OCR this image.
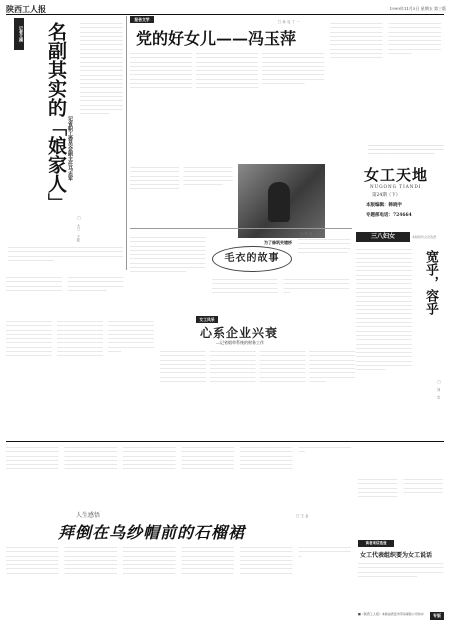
陕西工人报	1999年11月5日 星期五 第三版
记者文摘	名副其实的「娘家人」 记省职工委员会副主任马志军
□ 大兰 王松
＿＿＿＿＿＿＿＿＿＿＿＿＿＿＿＿＿＿＿＿＿＿＿＿＿＿＿＿＿＿＿＿＿＿＿＿＿＿＿＿＿＿＿＿＿＿＿＿＿＿＿＿＿＿＿＿＿＿＿＿＿＿＿＿＿＿＿＿＿＿＿＿＿＿＿＿＿＿＿＿＿＿＿＿＿＿＿＿＿＿＿＿＿＿＿＿＿＿＿＿＿＿＿＿＿＿＿＿＿＿＿＿＿＿＿＿＿＿＿＿＿＿＿＿＿＿＿＿＿＿＿＿＿＿＿＿＿＿＿＿＿＿＿＿＿＿＿＿＿＿＿＿＿＿＿＿＿＿＿＿＿＿＿＿＿＿＿＿＿＿＿＿＿＿＿＿＿＿＿＿＿＿＿＿＿＿＿＿＿＿＿＿＿＿＿＿＿＿＿＿＿＿＿＿＿＿＿＿＿＿＿＿＿＿＿＿＿＿＿＿＿＿＿＿＿＿＿＿＿＿＿＿＿＿＿＿＿＿＿＿＿＿＿＿＿＿＿＿＿＿＿＿＿＿＿＿＿＿＿＿＿＿＿＿＿＿＿＿＿＿＿＿＿＿＿＿＿＿＿＿＿＿
＿＿＿＿＿＿＿＿＿＿＿＿＿＿＿＿＿＿＿＿＿＿＿＿＿＿＿＿＿＿＿＿＿＿＿＿＿＿＿＿＿＿＿＿＿＿＿＿＿＿＿＿＿＿＿＿＿＿＿＿＿＿＿＿＿＿＿＿＿＿＿＿＿＿＿＿＿＿＿＿＿＿＿＿＿＿＿＿＿＿＿＿＿＿＿＿＿＿＿＿＿＿＿＿＿＿＿＿＿＿＿＿＿＿＿＿＿＿＿
报告文学
党的好女儿——冯玉萍
□ 孙 克 丁 一
＿＿＿＿＿＿＿＿＿＿＿＿＿＿＿＿＿＿＿＿＿＿＿＿＿＿＿＿＿＿＿＿＿＿＿＿＿＿＿＿＿＿＿＿＿＿＿＿＿＿＿＿＿＿＿＿＿＿＿＿＿＿＿＿＿＿＿＿＿＿＿＿＿＿＿＿＿＿＿＿＿＿＿＿＿＿＿＿＿＿＿＿＿＿＿＿＿＿＿＿＿＿＿＿＿＿＿＿＿＿＿＿＿＿＿＿＿＿＿＿＿＿＿＿＿＿＿＿＿＿＿＿＿＿＿＿＿＿＿＿＿＿＿＿＿＿＿＿＿＿＿＿＿＿＿＿＿＿＿＿＿＿＿＿＿＿＿＿＿＿＿＿＿＿＿＿＿＿＿＿＿＿＿＿＿＿＿＿＿＿＿＿＿＿＿＿＿＿＿＿＿＿＿＿＿＿＿＿＿＿＿＿＿＿＿＿＿＿＿＿＿＿＿＿＿＿＿＿＿＿＿＿＿＿＿＿＿＿＿＿＿＿＿＿＿＿＿＿＿＿＿＿＿＿＿＿＿＿＿＿＿＿＿＿＿＿＿＿＿＿＿＿＿＿＿＿＿＿＿＿＿＿＿＿＿＿＿＿＿＿＿＿＿＿＿＿＿＿＿＿＿＿＿＿＿＿＿＿＿＿＿＿＿＿＿＿＿＿＿＿＿＿＿＿＿＿＿＿＿＿＿＿＿＿＿＿＿＿＿＿＿＿＿＿＿＿＿＿＿＿＿＿＿＿＿＿＿＿＿＿＿＿＿＿＿＿＿＿＿＿＿＿＿＿＿＿＿＿＿＿＿＿＿＿＿＿＿＿＿＿＿＿＿＿＿＿＿＿＿＿＿＿＿＿＿＿＿＿＿＿＿＿＿＿＿＿＿＿＿＿＿＿＿＿＿＿＿＿＿＿＿＿＿＿＿＿＿＿＿＿＿＿＿＿＿＿＿＿＿＿＿＿＿＿＿＿＿＿＿＿＿＿＿＿＿＿＿＿＿＿＿＿＿＿＿＿＿＿＿＿＿＿＿＿＿＿＿＿
＿＿＿＿＿＿＿＿＿＿＿＿＿＿＿＿＿＿＿＿＿＿＿＿＿＿＿＿＿＿＿＿＿＿＿＿＿＿＿＿＿＿＿＿＿＿＿＿＿＿＿＿＿＿＿＿＿＿＿＿＿＿＿＿＿＿＿＿＿＿＿＿＿＿＿＿＿＿＿＿＿＿＿＿＿＿＿＿＿＿＿＿＿＿＿＿＿＿＿＿＿＿＿＿＿＿＿＿＿＿＿＿＿＿＿＿＿＿＿＿＿＿＿＿＿＿＿＿＿＿＿＿＿＿＿＿＿＿＿＿＿＿＿＿＿＿＿＿＿＿＿＿＿＿＿＿＿＿＿＿＿＿
为了修筑夹塘桥
＿＿＿＿＿＿＿＿＿＿＿＿＿＿＿＿＿＿＿＿＿＿＿＿＿＿＿＿＿＿＿＿＿＿＿＿＿＿＿＿＿＿＿＿＿＿＿＿＿＿＿＿＿＿＿＿＿＿＿＿＿＿＿＿＿＿＿＿＿＿＿＿＿＿＿＿＿＿＿＿＿＿＿＿＿＿＿＿＿＿＿＿＿＿＿＿＿＿＿＿＿＿＿＿＿＿＿＿＿＿＿＿＿＿＿＿＿＿＿＿＿＿＿＿＿＿＿＿＿＿＿＿＿＿＿＿＿＿＿＿＿＿＿＿＿＿＿＿＿＿＿＿＿＿＿＿＿＿＿＿＿＿＿＿＿＿＿＿＿＿＿＿＿＿＿＿＿＿＿＿＿＿＿＿＿＿＿＿＿＿＿＿＿＿＿＿＿＿＿＿＿＿＿＿＿＿＿＿＿＿＿＿＿＿＿＿＿＿＿＿＿＿＿＿＿＿＿＿＿＿＿＿＿＿＿＿＿＿＿＿＿＿＿＿＿＿＿＿＿＿＿＿＿＿＿＿＿＿＿＿＿＿＿
＿＿＿＿＿＿＿＿＿＿＿＿＿＿＿＿＿＿＿＿＿＿＿＿＿＿＿＿＿＿＿＿＿＿＿＿＿＿＿＿＿＿＿＿＿＿＿＿＿＿＿＿＿＿＿＿＿＿＿＿＿＿＿＿＿＿
女工天地
NUGONG TIANDI
第24期（下）
本版编辑：韩晓宇
专题部电话：724664
＿＿＿＿＿＿＿＿＿＿＿＿＿＿＿＿＿＿＿＿＿＿＿＿＿＿＿＿＿＿＿＿＿＿＿＿＿＿＿＿＿＿＿＿＿＿＿＿＿＿＿＿＿＿＿＿＿＿＿＿＿＿＿＿＿＿＿＿＿＿＿＿＿＿＿＿＿＿＿＿＿＿＿＿＿＿＿＿＿＿＿＿＿＿＿＿＿＿＿＿＿＿＿＿＿＿＿＿＿＿＿＿＿＿＿＿＿＿＿＿＿＿＿＿＿＿＿＿＿＿＿＿＿＿＿＿＿＿＿＿＿＿＿＿＿＿＿＿＿＿＿＿＿＿＿＿＿＿＿＿＿＿＿＿＿＿＿＿＿＿＿＿＿＿＿＿＿＿＿＿＿＿＿＿＿＿＿＿＿＿＿＿＿＿＿＿＿＿＿＿＿
毛衣的故事
□ 若 茗
＿＿＿＿＿＿＿＿＿＿＿＿＿＿＿＿＿＿＿＿＿＿＿＿＿＿＿＿＿＿＿＿＿＿＿＿＿＿＿＿＿＿＿＿＿＿＿＿＿＿＿＿＿＿＿＿＿＿＿＿＿＿＿＿＿＿＿＿＿＿＿＿＿＿＿＿＿＿＿＿＿＿＿＿＿＿＿＿＿＿＿＿＿＿＿＿＿＿＿＿＿＿＿＿＿＿＿＿＿＿＿＿＿＿＿＿＿＿＿＿＿＿＿＿＿＿＿＿＿＿＿＿＿＿＿＿＿＿＿＿＿＿
＿＿＿＿＿＿＿＿＿＿＿＿＿＿＿＿＿＿＿＿＿＿＿＿＿＿＿＿＿＿＿＿＿＿＿＿＿＿＿＿＿＿＿＿＿＿＿＿＿＿＿＿＿＿＿＿＿＿＿＿＿＿＿
三八妇女	本版特约文章选登
＿＿＿＿＿＿＿＿＿＿＿＿＿＿＿＿＿＿＿＿＿＿＿＿＿＿＿＿＿＿＿＿＿＿＿＿＿＿＿＿＿＿＿＿＿＿＿＿＿＿＿＿＿＿＿＿＿＿＿＿＿＿＿＿＿＿＿＿＿＿＿＿＿＿＿＿＿＿＿＿＿＿＿＿＿＿＿＿＿＿＿＿＿＿＿＿＿＿＿＿＿＿＿＿＿＿＿＿＿＿＿＿＿＿＿＿＿＿＿＿＿＿＿＿＿＿＿＿＿＿＿＿＿＿＿＿＿＿＿＿＿＿＿＿＿＿＿＿＿＿＿＿＿＿＿＿＿＿＿＿＿＿＿＿＿＿＿＿＿＿＿＿＿＿＿＿＿＿＿＿＿＿＿＿＿＿＿＿＿＿＿＿＿＿＿＿＿＿＿＿＿＿＿＿＿＿＿＿＿＿＿＿＿＿＿＿＿＿＿＿＿＿＿＿＿＿＿＿＿＿＿＿＿＿＿＿＿＿＿＿＿＿＿＿＿＿＿＿＿＿＿＿＿＿＿＿＿＿＿＿＿＿＿＿＿＿＿＿＿＿＿＿＿＿＿＿＿＿＿＿＿＿＿＿＿＿＿＿＿＿＿＿＿＿＿＿＿＿＿＿＿＿＿＿＿＿＿＿＿＿＿＿＿＿＿＿＿＿＿＿＿＿＿＿＿＿＿＿＿＿＿＿＿＿＿＿＿＿＿＿＿＿＿＿＿＿＿＿＿＿＿＿＿＿＿＿＿＿＿＿＿＿＿＿＿＿＿＿＿＿＿＿＿＿＿＿＿＿＿＿＿＿＿＿＿＿＿＿＿＿＿＿＿＿＿＿＿＿＿＿＿＿＿＿＿＿＿＿＿＿＿＿＿＿＿＿＿＿＿＿＿＿＿＿＿＿＿＿＿＿＿＿＿＿＿＿＿＿＿＿＿＿＿＿＿＿＿＿＿＿＿＿＿＿＿＿＿＿＿＿＿＿＿＿＿＿＿＿＿＿＿＿＿＿＿＿＿＿＿＿＿＿＿＿＿
宽乎，容乎
□ 刘 宝
＿＿＿＿＿＿＿＿＿＿＿＿＿＿＿＿＿＿＿＿＿＿＿＿＿＿＿＿＿＿＿＿＿＿＿＿＿＿＿＿＿＿＿＿＿＿＿＿＿＿＿＿＿＿＿＿＿＿＿＿＿＿＿＿＿＿＿＿＿＿＿＿＿＿＿＿＿＿＿＿＿＿＿＿＿＿＿＿＿＿＿＿＿＿＿＿＿＿＿＿＿＿＿＿＿＿＿＿＿＿＿＿＿＿＿＿＿＿＿＿＿＿＿＿＿＿＿＿＿＿＿
女工风采
心系企业兴衰
—记省烟草系统的财务工作
＿＿＿＿＿＿＿＿＿＿＿＿＿＿＿＿＿＿＿＿＿＿＿＿＿＿＿＿＿＿＿＿＿＿＿＿＿＿＿＿＿＿＿＿＿＿＿＿＿＿＿＿＿＿＿＿＿＿＿＿＿＿＿＿＿＿＿＿＿＿＿＿＿＿＿＿＿＿＿＿＿＿＿＿＿＿＿＿＿＿＿＿＿＿＿＿＿＿＿＿＿＿＿＿＿＿＿＿＿＿＿＿＿＿＿＿＿＿＿＿＿＿＿＿＿＿＿＿＿＿＿＿＿＿＿＿＿＿＿＿＿＿＿＿＿＿＿＿＿＿＿＿＿＿＿＿＿＿＿＿＿＿＿＿＿＿＿＿＿＿＿＿＿＿＿＿＿＿＿＿＿＿＿＿＿＿＿＿＿＿＿＿＿＿＿＿＿＿＿＿＿＿＿＿＿＿＿＿＿＿＿＿＿＿＿＿＿＿＿＿＿＿＿＿＿＿＿＿＿＿＿＿＿＿＿＿＿＿＿＿＿＿＿＿＿＿＿＿＿＿＿＿＿＿＿＿＿＿＿＿＿＿＿＿＿＿＿＿＿＿＿＿＿＿＿＿＿＿＿＿＿＿＿＿＿＿＿＿＿＿＿＿＿＿＿＿＿＿＿＿＿＿＿＿＿＿＿＿＿＿＿＿＿＿＿＿＿＿＿＿＿＿＿＿＿＿＿＿＿＿＿＿＿＿＿＿＿＿＿＿＿＿＿＿＿＿＿＿＿＿＿＿＿＿＿＿＿＿＿＿＿＿＿＿＿＿＿＿＿＿＿＿＿＿＿＿＿＿＿＿＿＿＿＿＿＿＿＿＿＿＿＿＿＿＿＿＿＿＿＿＿＿＿＿＿＿＿＿＿＿＿＿＿＿＿＿＿＿＿＿＿＿＿＿＿＿＿＿＿＿＿＿＿＿＿＿＿＿＿
＿＿＿＿＿＿＿＿＿＿＿＿＿＿＿＿＿＿＿＿＿＿＿＿＿＿＿＿＿＿＿＿＿＿＿＿＿＿＿＿＿＿＿＿＿＿＿＿＿＿＿＿＿＿＿＿＿＿＿＿＿＿＿＿＿＿＿＿＿＿＿＿＿＿＿＿＿＿＿＿＿＿＿＿＿＿＿＿＿＿＿＿＿＿＿＿＿＿＿＿＿＿＿＿＿＿＿＿＿＿＿＿＿＿＿＿＿＿＿＿＿＿＿＿＿＿＿＿＿＿＿＿＿＿＿＿＿＿＿＿＿＿＿＿＿＿＿＿＿＿＿＿＿＿＿＿＿＿＿＿＿＿＿＿＿＿＿＿＿＿＿＿＿＿＿＿＿＿＿＿＿＿＿＿＿＿＿＿＿＿＿＿＿＿＿＿＿＿＿＿＿＿＿＿＿＿＿＿＿＿＿＿＿＿＿＿＿＿＿＿＿＿＿＿＿＿＿＿＿＿＿＿＿＿＿＿＿＿＿＿＿＿＿＿＿＿＿＿＿＿＿＿＿＿＿＿＿＿＿＿＿＿＿＿＿＿＿＿＿＿＿＿＿＿＿＿＿＿＿＿＿＿＿＿＿＿＿＿＿＿＿＿＿＿＿＿＿＿＿＿＿＿＿＿＿＿＿＿＿＿＿＿＿＿＿＿＿＿＿＿＿＿＿＿＿＿＿＿＿＿＿＿＿＿＿＿＿＿＿＿＿＿＿＿＿＿＿＿＿＿＿＿＿＿
＿＿＿＿＿＿＿＿＿＿＿＿＿＿＿＿＿＿＿＿＿＿＿＿＿＿＿＿＿＿＿＿＿＿＿＿＿＿＿＿＿＿＿＿＿＿＿＿＿＿＿＿＿＿＿＿＿＿＿＿＿＿＿＿＿＿＿＿＿＿＿＿＿＿＿＿＿＿＿＿＿＿＿＿＿＿＿＿＿＿＿＿＿＿＿＿＿＿＿＿＿＿＿＿＿＿＿＿＿＿＿＿＿＿＿＿＿＿＿＿＿＿＿＿＿＿＿＿＿＿＿＿＿＿＿＿＿＿＿＿＿＿＿＿＿＿＿＿＿＿＿＿＿＿＿＿＿＿＿＿＿＿＿＿＿＿＿＿＿＿＿＿＿＿＿＿＿＿＿＿＿＿＿＿＿＿＿＿＿＿＿＿＿＿＿＿＿＿＿＿＿＿＿＿＿＿＿＿＿＿＿＿＿＿＿＿＿＿＿＿＿＿＿＿＿＿＿＿＿＿＿＿＿＿＿＿＿＿＿＿＿＿＿＿＿＿＿＿＿＿＿＿＿＿＿＿＿＿＿＿＿＿＿＿＿＿＿＿＿＿＿＿＿＿＿＿＿＿＿＿＿＿＿＿＿＿＿＿＿＿＿＿＿＿＿＿＿＿＿＿＿＿＿＿＿＿＿＿＿＿＿＿＿＿＿＿＿＿＿＿＿＿＿＿＿＿＿＿＿＿＿＿＿＿＿＿＿＿＿＿＿＿＿＿＿＿＿＿＿＿＿＿＿＿＿＿＿＿＿＿＿＿＿＿＿＿＿＿＿＿＿＿＿＿＿＿＿＿＿＿＿＿＿＿＿＿＿＿＿＿＿＿＿＿＿＿＿＿＿＿＿＿＿＿＿＿＿＿＿＿＿＿＿＿＿＿＿＿＿＿＿＿＿＿＿＿＿＿＿＿＿＿＿＿＿＿＿＿＿＿＿＿＿＿＿＿＿＿＿＿＿＿＿＿＿＿＿＿＿＿＿＿＿＿＿＿＿＿＿＿＿＿＿＿＿＿＿＿＿＿＿＿＿＿＿＿＿＿＿＿＿＿＿＿＿＿＿＿
人生感悟
拜倒在乌纱帽前的石榴裙
□ 王 金
＿＿＿＿＿＿＿＿＿＿＿＿＿＿＿＿＿＿＿＿＿＿＿＿＿＿＿＿＿＿＿＿＿＿＿＿＿＿＿＿＿＿＿＿＿＿＿＿＿＿＿＿＿＿＿＿＿＿＿＿＿＿＿＿＿＿＿＿＿＿＿＿＿＿＿＿＿＿＿＿＿＿＿＿＿＿＿＿＿＿＿＿＿＿＿＿＿＿＿＿＿＿＿＿＿＿＿＿＿＿＿＿＿＿＿＿＿＿＿＿＿＿＿＿＿＿＿＿＿＿＿＿＿＿＿＿＿＿＿＿＿＿＿＿＿＿＿＿＿＿＿＿＿＿＿＿＿＿＿＿＿＿＿＿＿＿＿＿＿＿＿＿＿＿＿＿＿＿＿＿＿＿＿＿＿＿＿＿＿＿＿＿＿＿＿＿＿＿＿＿＿＿＿＿＿＿＿＿＿＿＿＿＿＿＿＿＿＿＿＿＿＿＿＿＿＿＿＿＿＿＿＿＿＿＿＿＿＿＿＿＿＿＿＿＿＿＿＿＿＿＿＿＿＿＿＿＿＿＿＿＿＿＿＿＿＿＿＿＿＿＿＿＿＿＿＿＿＿＿＿＿＿＿＿＿＿＿＿＿＿＿＿＿＿＿＿＿＿＿＿＿＿＿＿＿＿＿＿＿＿＿＿＿＿＿＿＿＿＿＿＿＿＿＿＿＿＿＿＿＿＿＿＿＿＿＿＿＿＿＿＿＿＿＿＿＿＿＿＿＿＿＿＿＿＿＿＿＿＿＿＿＿＿＿＿＿＿＿＿＿＿＿＿＿＿＿＿＿＿＿＿＿＿＿＿＿＿＿＿＿＿＿＿＿＿＿＿＿＿＿＿＿＿＿＿＿＿＿＿＿＿＿＿＿＿＿＿＿＿＿＿＿＿＿＿＿＿＿＿＿＿＿＿＿＿＿＿＿＿＿＿＿＿＿＿＿＿＿＿＿＿＿＿＿＿＿＿＿＿＿＿＿＿＿＿＿＿＿＿＿＿＿＿＿＿＿＿＿＿＿＿＿＿＿＿＿＿＿＿＿＿＿＿＿＿＿＿＿＿＿＿＿＿＿＿＿＿＿＿＿＿＿＿＿＿＿＿＿＿＿＿＿＿＿＿＿＿＿＿＿＿＿＿＿＿＿＿＿＿＿＿＿＿＿＿＿＿＿＿＿＿＿＿＿＿＿＿＿＿＿＿＿＿＿＿＿＿＿＿＿＿＿＿＿＿＿＿＿＿＿＿＿＿＿＿＿＿＿＿＿＿＿＿
＿＿＿＿＿＿＿＿＿＿＿＿＿＿＿＿＿＿＿＿＿＿＿＿＿＿＿＿＿＿＿＿＿＿＿＿＿＿＿＿＿＿＿＿＿＿＿＿＿＿＿＿＿＿＿＿＿＿＿＿＿＿＿＿＿＿＿＿＿＿＿＿＿＿＿＿＿＿＿＿＿＿＿＿＿＿＿＿＿＿＿＿＿＿＿＿＿＿＿＿＿＿＿＿＿＿＿＿
读者来信选登
女工代表组织要为女工说话
＿＿＿＿＿＿＿＿＿＿＿＿＿＿＿＿＿＿＿＿＿＿＿＿＿＿＿＿＿＿＿＿＿＿＿＿＿＿＿＿＿＿＿＿＿＿＿＿＿＿＿＿＿＿＿＿＿＿＿＿＿＿＿＿＿＿＿＿＿＿＿＿＿＿＿＿＿＿＿＿＿＿＿＿＿＿＿＿＿＿＿＿＿＿＿＿
■《陕西工人报》本版由西安市劳动保险公司协办	专版
